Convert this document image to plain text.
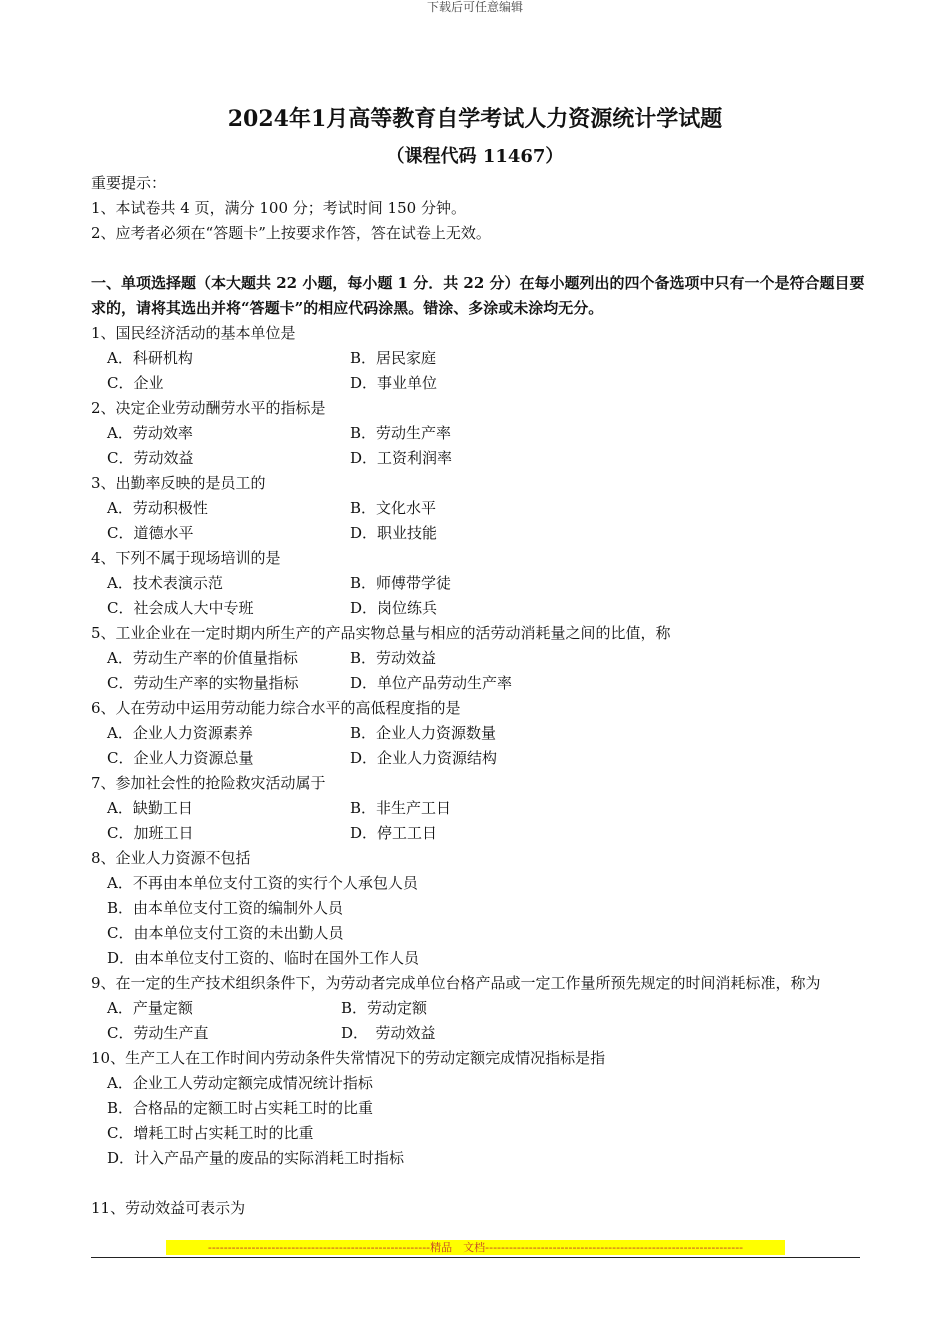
下载后可任意编辑
2024年1月高等教育自学考试人力资源统计学试题
（课程代码 11467）
重要提示：
1、本试卷共 4 页，满分 100 分；考试时间 150 分钟。
2、应考者必须在“答题卡”上按要求作答，答在试卷上无效。
一、单项选择题（本大题共 22 小题，每小题 1 分．共 22 分）在每小题列出的四个备选项中只有一个是符合题目要求的，请将其选出并将“答题卡”的相应代码涂黑。错涂、多涂或未涂均无分。
1、国民经济活动的基本单位是
A．科研机构	B．居民家庭
C．企业	D．事业单位
2、决定企业劳动酬劳水平的指标是
A．劳动效率	B．劳动生产率
C．劳动效益	D．工资利润率
3、出勤率反映的是员工的
A．劳动积极性	B．文化水平
C．道德水平	D．职业技能
4、下列不属于现场培训的是
A．技术表演示范	B．师傅带学徒
C．社会成人大中专班	D．岗位练兵
5、工业企业在一定时期内所生产的产品实物总量与相应的活劳动消耗量之间的比值，称
A．劳动生产率的价值量指标	B．劳动效益
C．劳动生产率的实物量指标	D．单位产品劳动生产率
6、人在劳动中运用劳动能力综合水平的高低程度指的是
A．企业人力资源素养	B．企业人力资源数量
C．企业人力资源总量	D．企业人力资源结构
7、参加社会性的抢险救灾活动属于
A．缺勤工日	B．非生产工日
C．加班工日	D．停工工日
8、企业人力资源不包括
A．不再由本单位支付工资的实行个人承包人员
B．由本单位支付工资的编制外人员
C．由本单位支付工资的未出勤人员
D．由本单位支付工资的、临时在国外工作人员
9、在一定的生产技术组织条件下，为劳动者完成单位台格产品或一定工作量所预先规定的时间消耗标准，称为
A．产量定额	B．劳动定额
C．劳动生产直	D．　劳动效益
10、生产工人在工作时间内劳动条件失常情况下的劳动定额完成情况指标是指
A．企业工人劳动定额完成情况统计指标
B．合格品的定额工时占实耗工时的比重
C．增耗工时占实耗工时的比重
D．计入产品产量的废品的实际消耗工时指标
11、劳动效益可表示为
--------------------------------------------------------精品　文档-----------------------------------------------------------------
